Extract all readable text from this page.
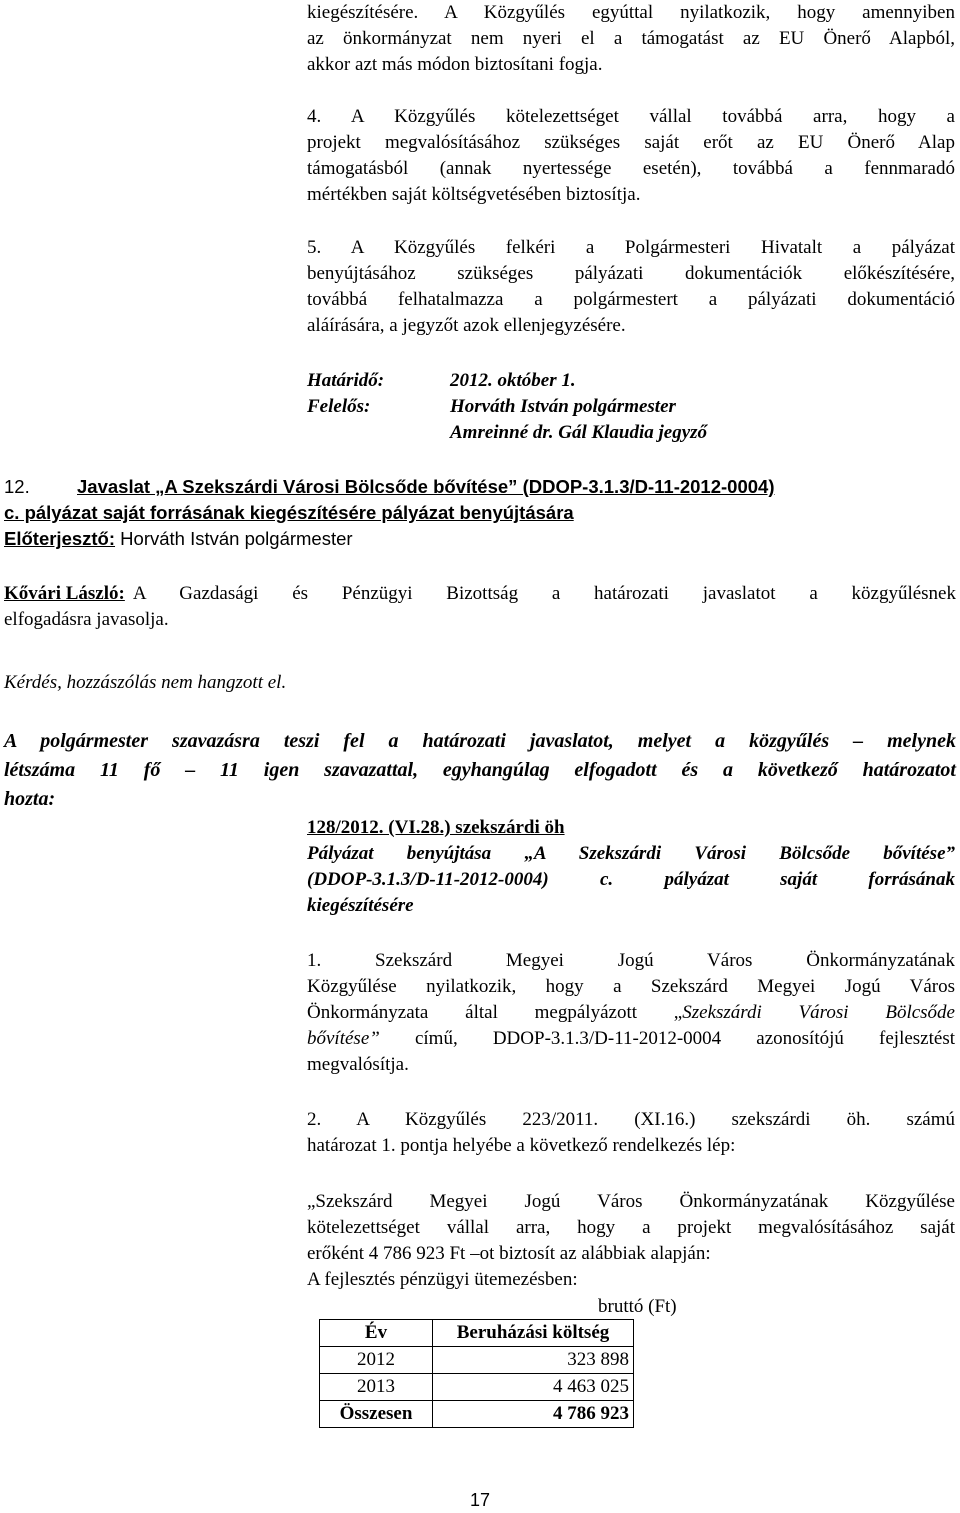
kiegészítésére. A Közgyűlés egyúttal nyilatkozik, hogy amennyiben
az önkormányzat nem nyeri el a támogatást az EU Önerő Alapból,
akkor azt más módon biztosítani fogja.
4. A Közgyűlés kötelezettséget vállal továbbá arra, hogy a
projekt megvalósításához szükséges saját erőt az EU Önerő Alap
támogatásból (annak nyertessége esetén), továbbá a fennmaradó
mértékben saját költségvetésében biztosítja.
5. A Közgyűlés felkéri a Polgármesteri Hivatalt a pályázat
benyújtásához szükséges pályázati dokumentációk előkészítésére,
továbbá felhatalmazza a polgármestert a pályázati dokumentáció
aláírására, a jegyzőt azok ellenjegyzésére.
Határidő:	2012. október 1.
Felelős:	Horváth István polgármester
Amreinné dr. Gál Klaudia jegyző
12.	Javaslat „A Szekszárdi Városi Bölcsőde bővítése” (DDOP-3.1.3/D-11-2012-0004)
c. pályázat saját forrásának kiegészítésére pályázat benyújtására
Előterjesztő: Horváth István polgármester
Kővári László: A Gazdasági és Pénzügyi Bizottság a határozati javaslatot a közgyűlésnek
elfogadásra javasolja.
Kérdés, hozzászólás nem hangzott el.
A polgármester szavazásra teszi fel a határozati javaslatot, melyet a közgyűlés – melynek
létszáma 11 fő – 11 igen szavazattal, egyhangúlag elfogadott és a következő határozatot
hozta:
128/2012. (VI.28.) szekszárdi öh
Pályázat benyújtása „A Szekszárdi Városi Bölcsőde bővítése”
(DDOP-3.1.3/D-11-2012-0004) c. pályázat saját forrásának
kiegészítésére
1. Szekszárd Megyei Jogú Város Önkormányzatának
Közgyűlése nyilatkozik, hogy a Szekszárd Megyei Jogú Város
Önkormányzata által megpályázott „Szekszárdi Városi Bölcsőde
bővítése” című, DDOP-3.1.3/D-11-2012-0004 azonosítójú fejlesztést
megvalósítja.
2. A Közgyűlés 223/2011. (XI.16.) szekszárdi öh. számú
határozat 1. pontja helyébe a következő rendelkezés lép:
„Szekszárd Megyei Jogú Város Önkormányzatának Közgyűlése
kötelezettséget vállal arra, hogy a projekt megvalósításához saját
erőként 4 786 923 Ft –ot biztosít az alábbiak alapján:
A fejlesztés pénzügyi ütemezésben:
bruttó (Ft)
Év	Beruházási költség
2012	323 898
2013	4 463 025
Összesen	4 786 923
17
